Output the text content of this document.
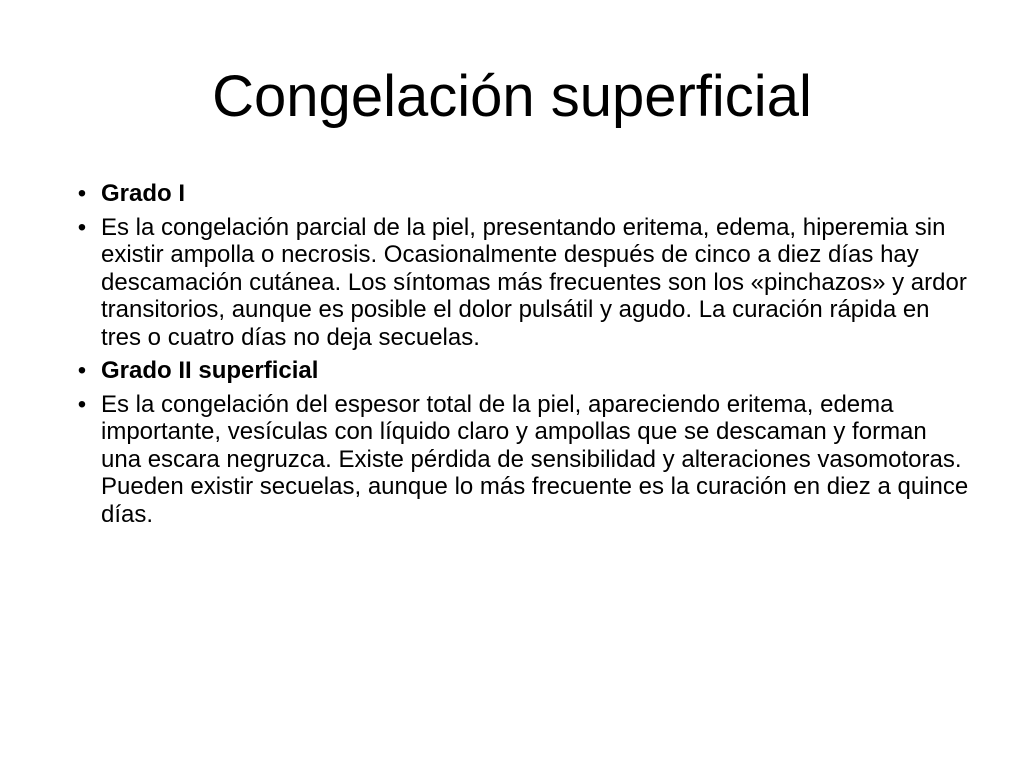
Congelación superficial
• Grado I
• Es la congelación parcial de la piel, presentando eritema, edema, hiperemia sin existir ampolla o necrosis. Ocasionalmente después de cinco a diez días hay descamación cutánea. Los síntomas más frecuentes son los «pinchazos» y ardor transitorios, aunque es posible el dolor pulsátil y agudo. La curación rápida en tres o cuatro días no deja secuelas.
• Grado II superficial
• Es la congelación del espesor total de la piel, apareciendo eritema, edema importante, vesículas con líquido claro y ampollas que se descaman y forman una escara negruzca. Existe pérdida de sensibilidad y alteraciones vasomotoras. Pueden existir secuelas, aunque lo más frecuente es la curación en diez a quince días.
